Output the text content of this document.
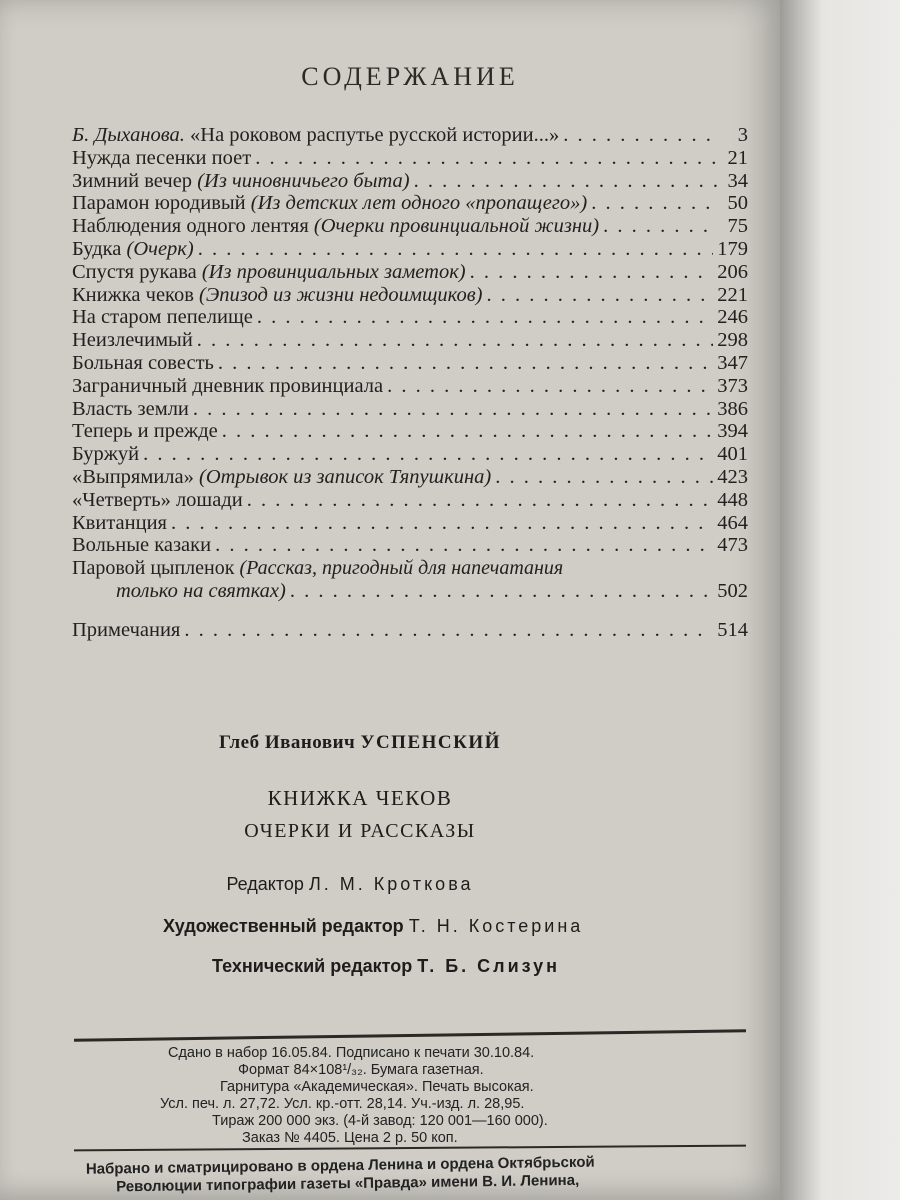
СОДЕРЖАНИЕ
Б. Дыханова. «На роковом распутье русской истории...» . . .	3
Нужда песенки поет . . .	21
Зимний вечер (Из чиновничьего быта) . . .	34
Парамон юродивый (Из детских лет одного «пропащего») . . .	50
Наблюдения одного лентяя (Очерки провинциальной жизни) . . .	75
Будка (Очерк) . . .	179
Спустя рукава (Из провинциальных заметок) . . .	206
Книжка чеков (Эпизод из жизни недоимщиков) . . .	221
На старом пепелище . . .	246
Неизлечимый . . .	298
Больная совесть . . .	347
Заграничный дневник провинциала . . .	373
Власть земли . . .	386
Теперь и прежде . . .	394
Буржуй . . .	401
«Выпрямила» (Отрывок из записок Тяпушкина) . . .	423
«Четверть» лошади . . .	448
Квитанция . . .	464
Вольные казаки . . .	473
Паровой цыпленок (Рассказ, пригодный для напечатания
только на святках) . . .	502
Примечания . . .	514
Глеб Иванович УСПЕНСКИЙ
КНИЖКА ЧЕКОВ
ОЧЕРКИ И РАССКАЗЫ
Редактор Л. М. Кроткова
Художественный редактор Т. Н. Костерина
Технический редактор Т. Б. Слизун
Сдано в набор 16.05.84. Подписано к печати 30.10.84.
Формат 84×108¹/₃₂. Бумага газетная.
Гарнитура «Академическая». Печать высокая.
Усл. печ. л. 27,72. Усл. кр.-отт. 28,14. Уч.-изд. л. 28,95.
Тираж 200 000 экз. (4-й завод: 120 001—160 000).
Заказ № 4405. Цена 2 р. 50 коп.
Набрано и сматрицировано в ордена Ленина и ордена Октябрьской
Революции типографии газеты «Правда» имени В. И. Ленина,
